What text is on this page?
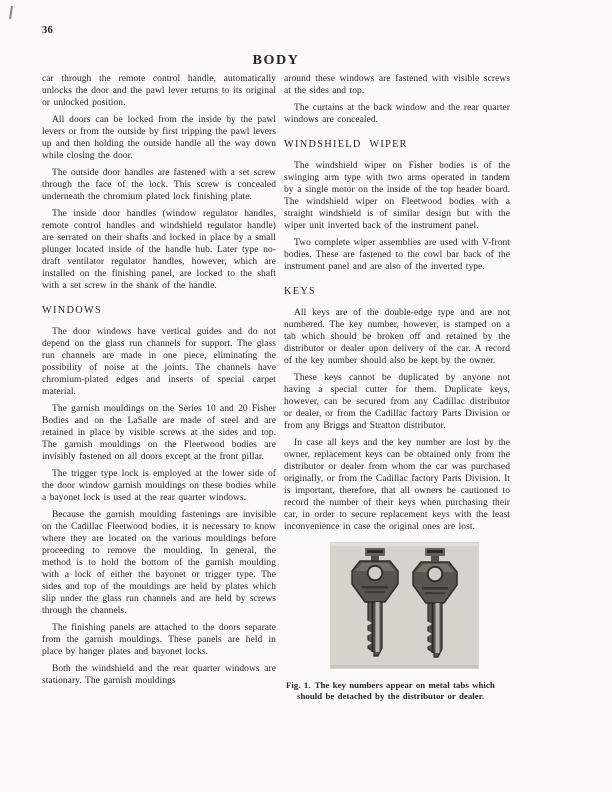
36
BODY

car through the remote control handle, automatically unlocks the door and the pawl lever returns to its original or unlocked position.

All doors can be locked from the inside by the pawl levers or from the outside by first tripping the pawl levers up and then holding the outside handle all the way down while closing the door.

The outside door handles are fastened with a set screw through the face of the lock. This screw is concealed underneath the chromium plated lock finishing plate.

The inside door handles (window regulator handles, remote control handles and windshield regulator handle) are serrated on their shafts and locked in place by a small plunger located inside of the handle hub. Later type no-draft ventilator regulator handles, however, which are installed on the finishing panel, are locked to the shaft with a set screw in the shank of the handle.

WINDOWS

The door windows have vertical guides and do not depend on the glass run channels for support. The glass run channels are made in one piece, eliminating the possibility of noise at the joints. The channels have chromium-plated edges and inserts of special carpet material.

The garnish mouldings on the Series 10 and 20 Fisher Bodies and on the LaSalle are made of steel and are retained in place by visible screws at the sides and top. The garnish mouldings on the Fleetwood bodies are invisibly fastened on all doors except at the front pillar.

The trigger type lock is employed at the lower side of the door window garnish mouldings on these bodies while a bayonet lock is used at the rear quarter windows.

Because the garnish moulding fastenings are invisible on the Cadillac Fleetwood bodies, it is necessary to know where they are located on the various mouldings before proceeding to remove the moulding. In general, the method is to hold the bottom of the garnish moulding with a lock of either the bayonet or trigger type. The sides and top of the mouldings are held by plates which slip under the glass run channels and are held by screws through the channels.

The finishing panels are attached to the doors separate from the garnish mouldings. These panels are held in place by hanger plates and bayonet locks.

Both the windshield and the rear quarter windows are stationary. The garnish mouldings

around these windows are fastened with visible screws at the sides and top.

The curtains at the back window and the rear quarter windows are concealed.

WINDSHIELD WIPER

The windshield wiper on Fisher bodies is of the swinging arm type with two arms operated in tandem by a single motor on the inside of the top header board. The windshield wiper on Fleetwood bodies with a straight windshield is of similar design but with the wiper unit inverted back of the instrument panel.

Two complete wiper assemblies are used with V-front bodies. These are fastened to the cowl bar back of the instrument panel and are also of the inverted type.

KEYS

All keys are of the double-edge type and are not numbered. The key number, however, is stamped on a tab which should be broken off and retained by the distributor or dealer upon delivery of the car. A record of the key number should also be kept by the owner.

These keys cannot be duplicated by anyone not having a special cutter for them. Duplicate keys, however, can be secured from any Cadillac distributor or dealer, or from the Cadillac factory Parts Division or from any Briggs and Stratton distributor.

In case all keys and the key number are lost by the owner, replacement keys can be obtained only from the distributor or dealer from whom the car was purchased originally, or from the Cadillac factory Parts Division. It is important, therefore, that all owners be cautioned to record the number of their keys when purchasing their car, in order to secure replacement keys with the least inconvenience in case the original ones are lost.

Fig. 1. The key numbers appear on metal tabs which should be detached by the distributor or dealer.
